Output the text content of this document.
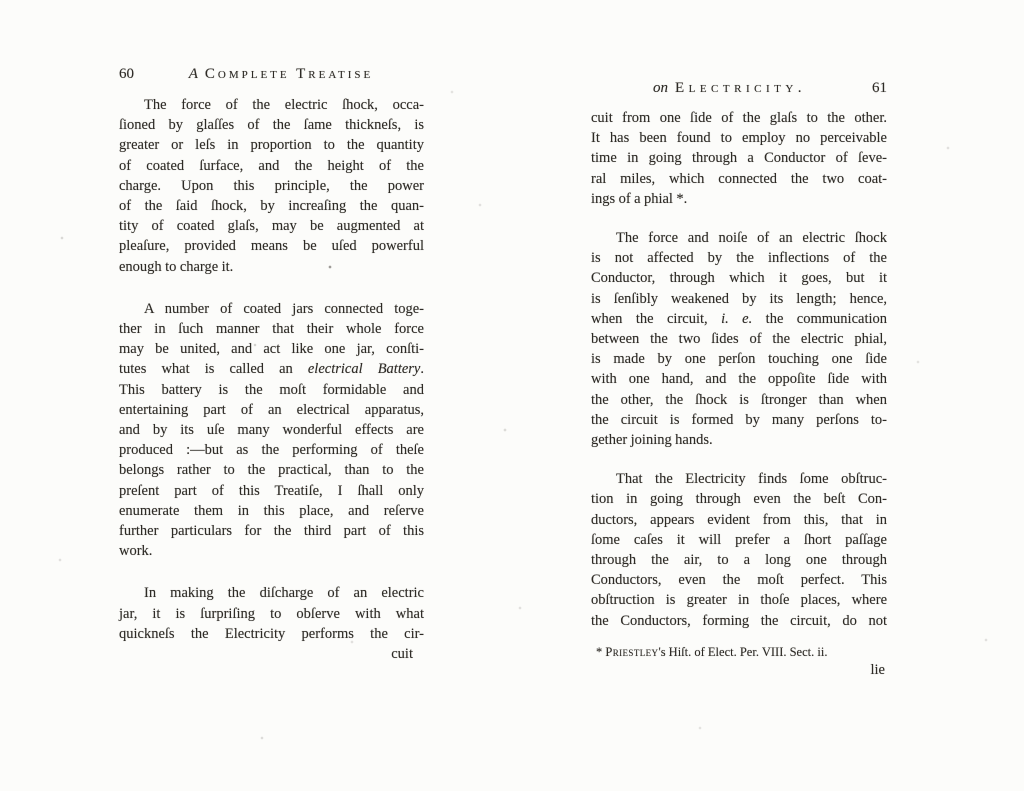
60	A Complete Treatise
The force of the electric ſhock, occa-
ſioned by glaſſes of the ſame thickneſs, is
greater or leſs in proportion to the quantity
of coated ſurface, and the height of the
charge. Upon this principle, the power
of the ſaid ſhock, by increaſing the quan-
tity of coated glaſs, may be augmented at
pleaſure, provided means be uſed powerful
enough to charge it.
A number of coated jars connected toge-
ther in ſuch manner that their whole force
may be united, and act like one jar, conſti-
tutes what is called an electrical Battery.
This battery is the moſt formidable and
entertaining part of an electrical apparatus,
and by its uſe many wonderful effects are
produced :—but as the performing of theſe
belongs rather to the practical, than to the
preſent part of this Treatiſe, I ſhall only
enumerate them in this place, and reſerve
further particulars for the third part of this
work.
In making the diſcharge of an electric
jar, it is ſurpriſing to obſerve with what
quickneſs the Electricity performs the cir-
cuit
on Electricity.	61
cuit from one ſide of the glaſs to the other.
It has been found to employ no perceivable
time in going through a Conductor of ſeve-
ral miles, which connected the two coat-
ings of a phial *.
The force and noiſe of an electric ſhock
is not affected by the inflections of the
Conductor, through which it goes, but it
is ſenſibly weakened by its length; hence,
when the circuit, i. e. the communication
between the two ſides of the electric phial,
is made by one perſon touching one ſide
with one hand, and the oppoſite ſide with
the other, the ſhock is ſtronger than when
the circuit is formed by many perſons to-
gether joining hands.
That the Electricity finds ſome obſtruc-
tion in going through even the beſt Con-
ductors, appears evident from this, that in
ſome caſes it will prefer a ſhort paſſage
through the air, to a long one through
Conductors, even the moſt perfect. This
obſtruction is greater in thoſe places, where
the Conductors, forming the circuit, do not
* Priestley's Hiſt. of Elect. Per. VIII. Sect. ii.
lie
